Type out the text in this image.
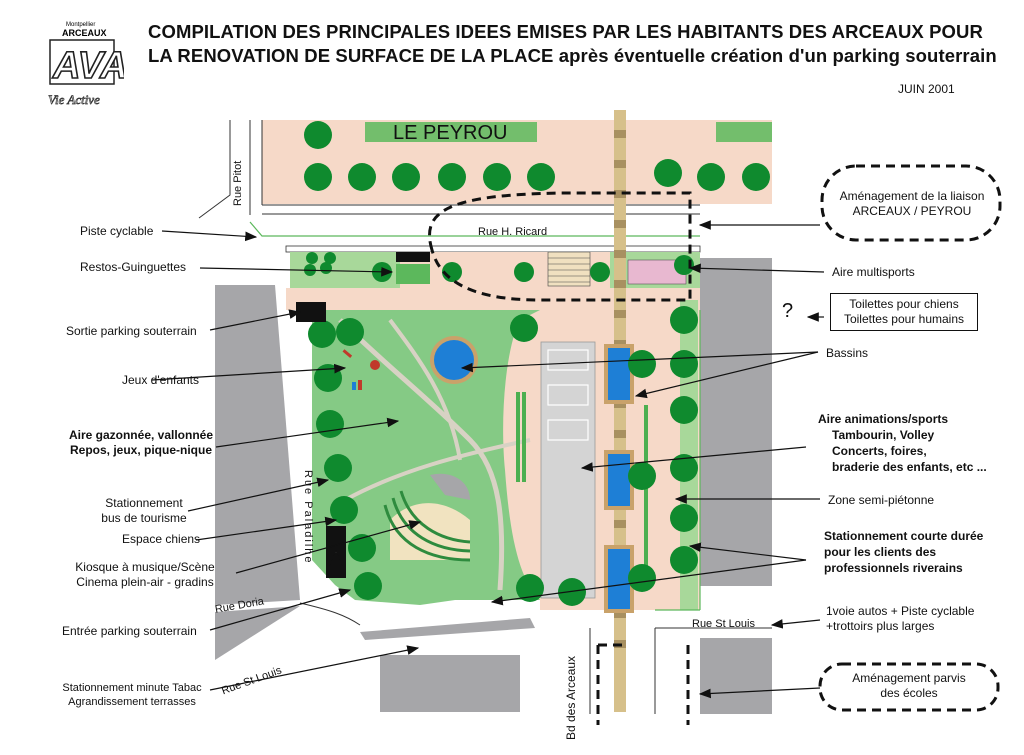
Montpellier
ARCEAUX
AVA
Vie Active
COMPILATION DES PRINCIPALES IDEES EMISES PAR LES HABITANTS DES ARCEAUX POUR
LA RENOVATION DE SURFACE DE LA PLACE après éventuelle création d'un parking souterrain
JUIN 2001
LE PEYROU
Rue Pitot
Rue H. Ricard
Rue Paladilhe
Rue Doria
Rue St Louis
Rue St Louis
Bd des Arceaux
?
Piste cyclable
Restos-Guinguettes
Sortie parking souterrain
Jeux d'enfants
Aire gazonnée, vallonnée
Repos, jeux, pique-nique
Stationnement
bus de tourisme
Espace chiens
Kiosque à musique/Scène
Cinema plein-air - gradins
Entrée parking souterrain
Stationnement minute Tabac
Agrandissement terrasses
Aménagement de la liaison
ARCEAUX / PEYROU
Aire multisports
Toilettes pour chiens
Toilettes pour humains
Bassins
Aire animations/sports
Tambourin, Volley
Concerts, foires,
braderie des enfants, etc ...
Zone semi-piétonne
Stationnement courte durée
pour les clients des
professionnels riverains
1voie autos + Piste cyclable
+trottoirs plus larges
Aménagement parvis
des écoles
